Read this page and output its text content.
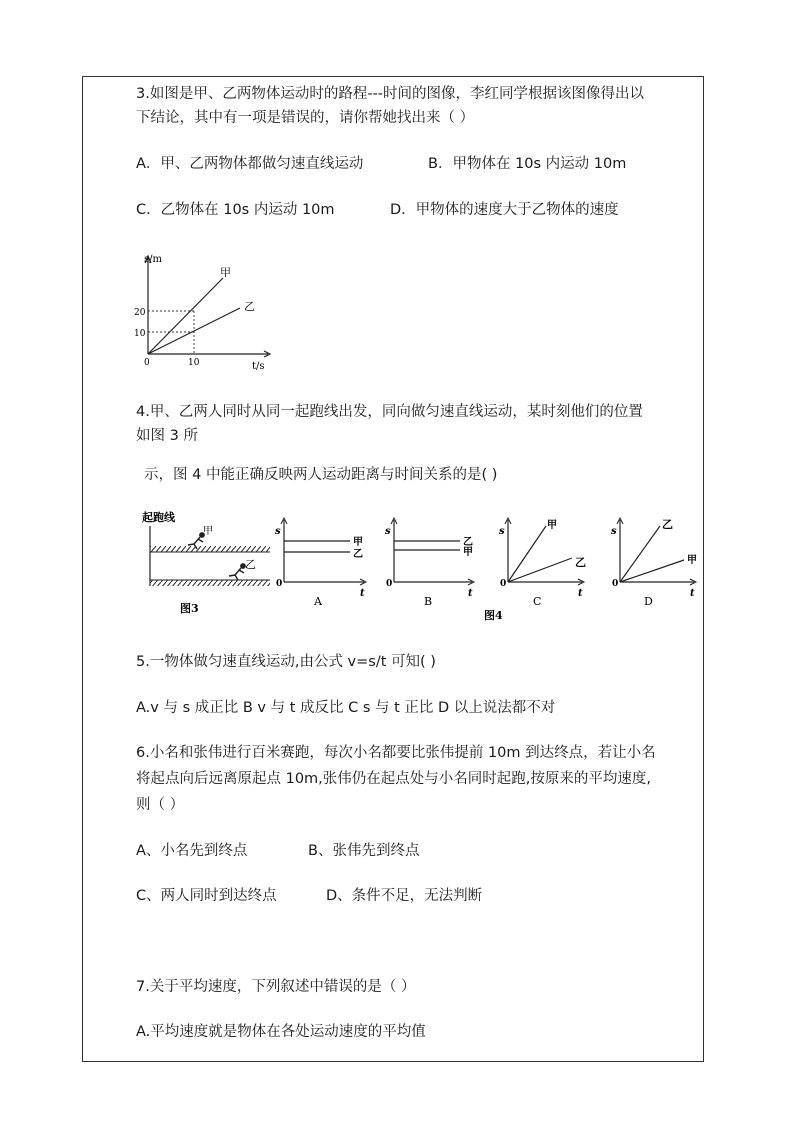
3.如图是甲、乙两物体运动时的路程---时间的图像，李红同学根据该图像得出以
下结论，其中有一项是错误的，请你帮她找出来（ ）
A．甲、乙两物体都做匀速直线运动	B．甲物体在 10s 内运动 10m
C．乙物体在 10s 内运动 10m	D．甲物体的速度大于乙物体的速度
s/m
t/s
0
20
10
10
甲
乙
4.甲、乙两人同时从同一起跑线出发，同向做匀速直线运动，某时刻他们的位置
如图 3 所
示，图 4 中能正确反映两人运动距离与时间关系的是( )
起跑线
甲
乙
图3
s
0
t
甲
乙
A
s
0
t
乙
甲
B
图4
s
0
t
甲
乙
C
s
0
t
乙
甲
D
5.一物体做匀速直线运动,由公式 v=s/t 可知( )
A.v 与 s 成正比 B v 与 t 成反比 C s 与 t 正比 D 以上说法都不对
6.小名和张伟进行百米赛跑，每次小名都要比张伟提前 10m 到达终点，若让小名
将起点向后远离原起点 10m,张伟仍在起点处与小名同时起跑,按原来的平均速度,
则（ ）
A、小名先到终点	B、张伟先到终点
C、两人同时到达终点	D、条件不足，无法判断
7.关于平均速度，下列叙述中错误的是（ ）
A.平均速度就是物体在各处运动速度的平均值
